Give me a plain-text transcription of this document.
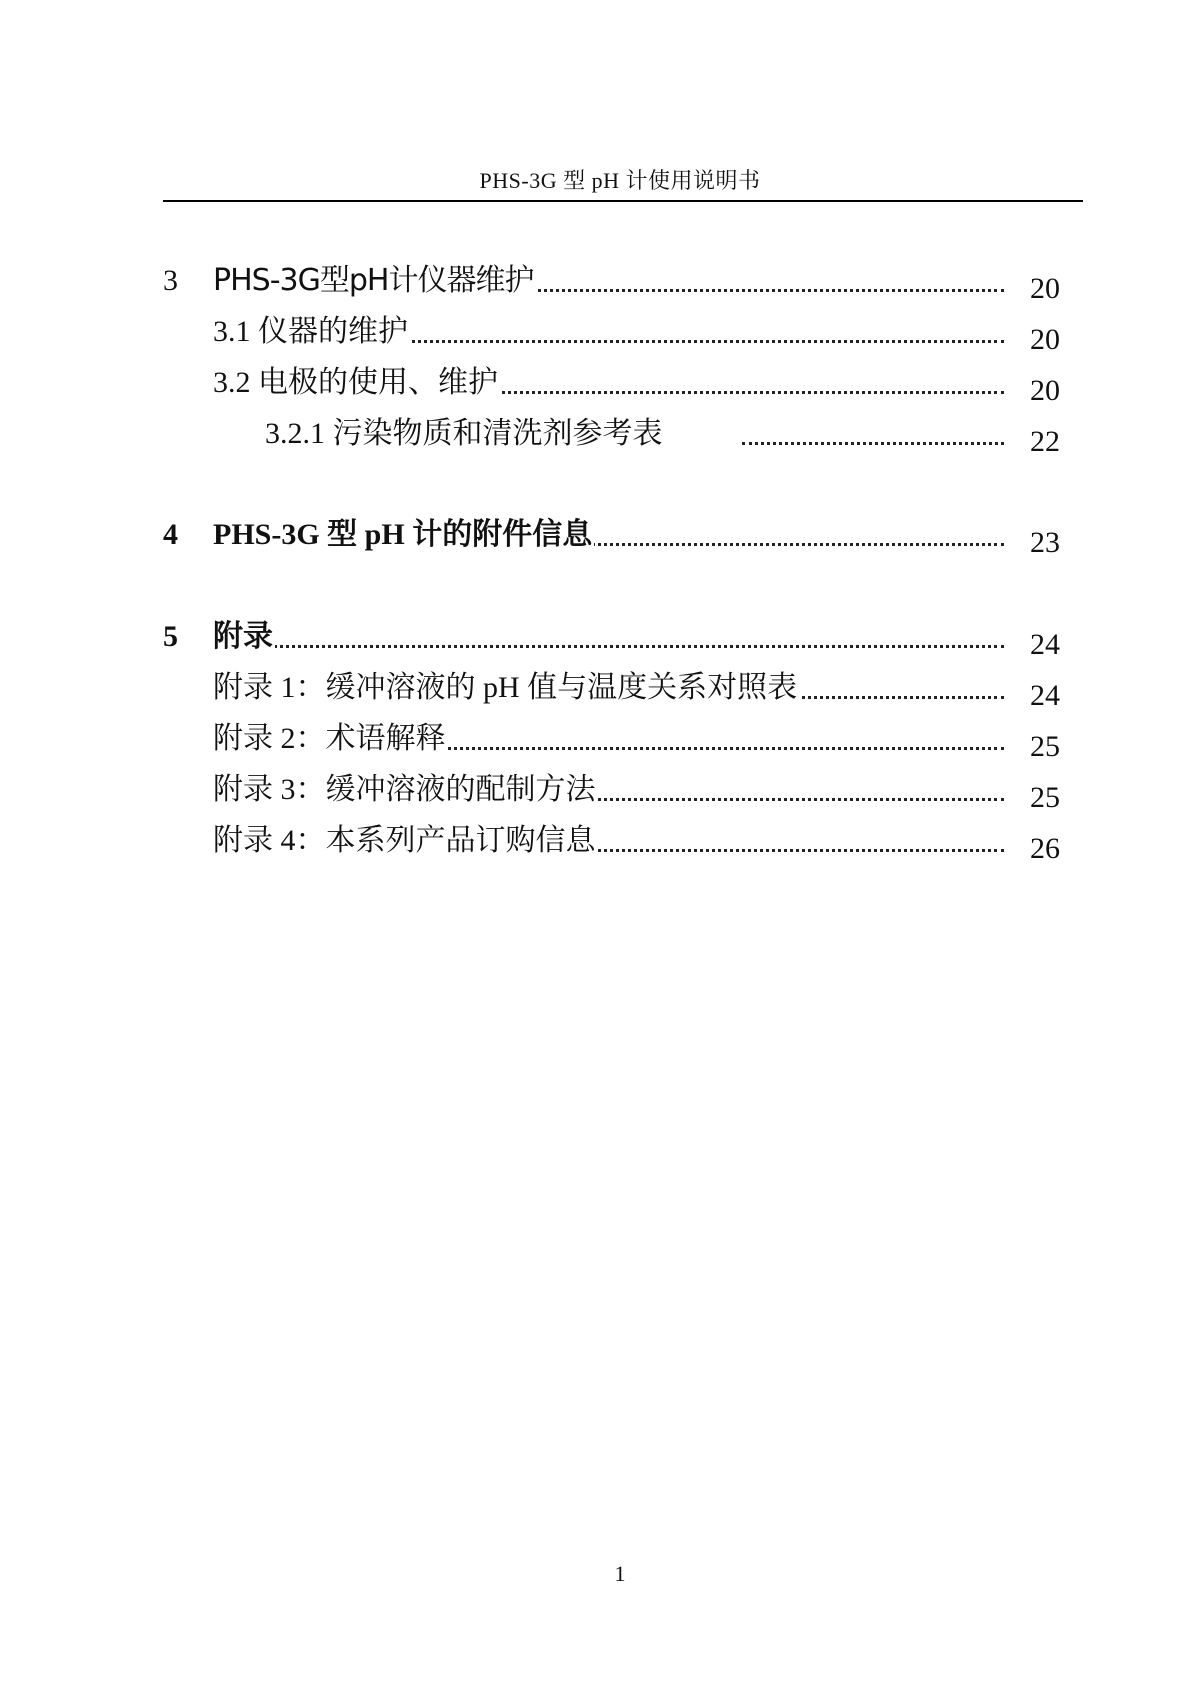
PHS-3G 型 pH 计使用说明书
3 PHS-3G型pH计仪器维护	20
3.1 仪器的维护	20
3.2 电极的使用、维护	20
3.2.1 污染物质和清洗剂参考表	22
4 PHS-3G 型 pH 计的附件信息	23
5 附录	24
附录 1：缓冲溶液的 pH 值与温度关系对照表	24
附录 2：术语解释	25
附录 3：缓冲溶液的配制方法	25
附录 4：本系列产品订购信息	26
1
